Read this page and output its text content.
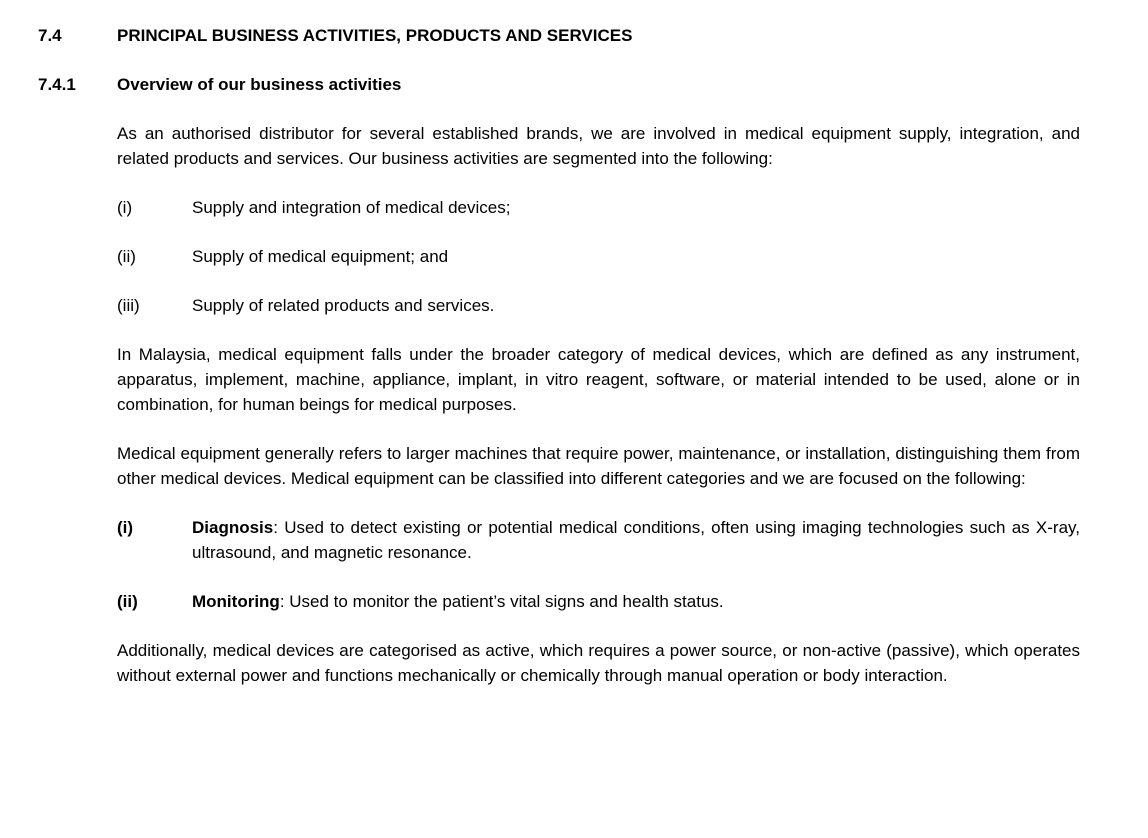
7.4	PRINCIPAL BUSINESS ACTIVITIES, PRODUCTS AND SERVICES
7.4.1	Overview of our business activities

As an authorised distributor for several established brands, we are involved in medical equipment supply, integration, and related products and services. Our business activities are segmented into the following:

(i)	Supply and integration of medical devices;
(ii)	Supply of medical equipment; and
(iii)	Supply of related products and services.

In Malaysia, medical equipment falls under the broader category of medical devices, which are defined as any instrument, apparatus, implement, machine, appliance, implant, in vitro reagent, software, or material intended to be used, alone or in combination, for human beings for medical purposes.

Medical equipment generally refers to larger machines that require power, maintenance, or installation, distinguishing them from other medical devices. Medical equipment can be classified into different categories and we are focused on the following:

(i)	Diagnosis: Used to detect existing or potential medical conditions, often using imaging technologies such as X-ray, ultrasound, and magnetic resonance.
(ii)	Monitoring: Used to monitor the patient’s vital signs and health status.

Additionally, medical devices are categorised as active, which requires a power source, or non-active (passive), which operates without external power and functions mechanically or chemically through manual operation or body interaction.
